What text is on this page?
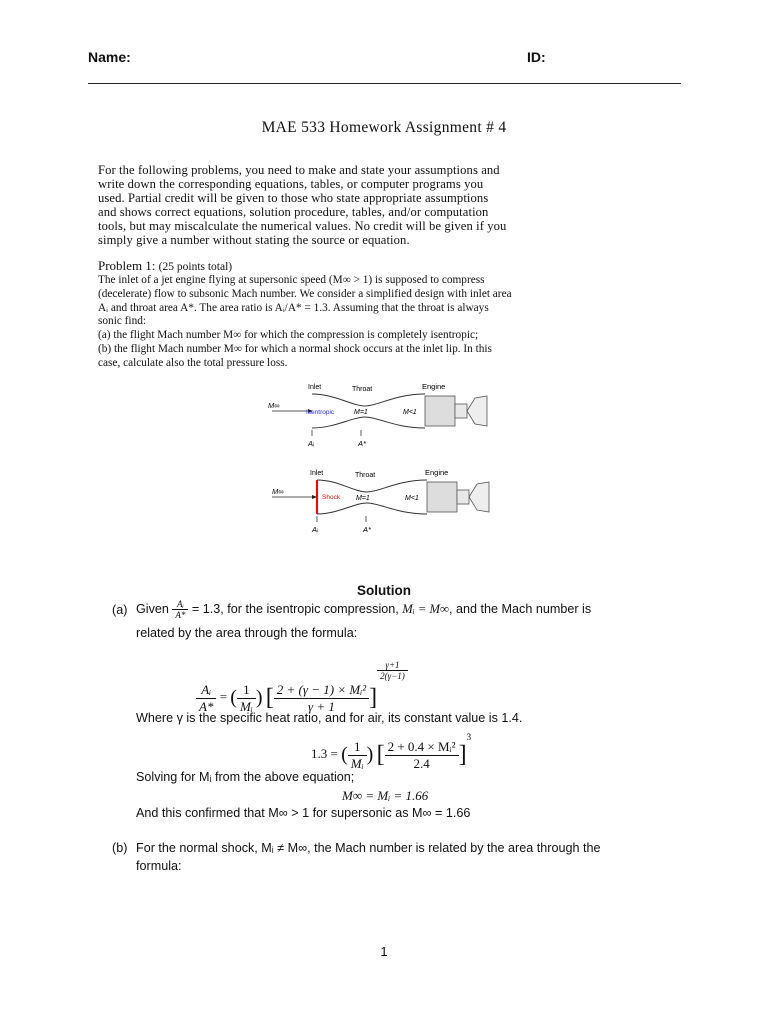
Name:	ID:
MAE 533 Homework Assignment # 4
For the following problems, you need to make and state your assumptions and
write down the corresponding equations, tables, or computer programs you
used. Partial credit will be given to those who state appropriate assumptions
and shows correct equations, solution procedure, tables, and/or computation
tools, but may miscalculate the numerical values. No credit will be given if you
simply give a number without stating the source or equation.
Problem 1: (25 points total)
The inlet of a jet engine flying at supersonic speed (M∞ > 1) is supposed to compress
(decelerate) flow to subsonic Mach number. We consider a simplified design with inlet area
Aᵢ and throat area A*. The area ratio is Aᵢ/A* = 1.3. Assuming that the throat is always
sonic find:
(a) the flight Mach number M∞ for which the compression is completely isentropic;
(b) the flight Mach number M∞ for which a normal shock occurs at the inlet lip. In this
case, calculate also the total pressure loss.
Inlet	Throat	Engine
M∞
Isentropic	M=1	M<1
Aᵢ	A*
Inlet	Throat	Engine
M∞
Shock M=1	M<1
Aᵢ	A*
Solution
(a) Given $\frac{\text{Aᵢ}}{A*} = 1.3$, for the isentropic compression, Mᵢ = M∞, and the Mach number is
related by the area through the formula:
$\frac{\text{Aᵢ}}{A*}$ = ( $\frac{1}{\text{Mᵢ}}$ ) [ $\frac{\text{2 + (γ − 1) × Mᵢ²}}{\gamma + 1}$ ]
$\frac{\gamma+1}{2(\gamma-1)}$
Where γ is the specific heat ratio, and for air, its constant value is 1.4.
1.3 = ( $\frac{1}{\text{Mᵢ}}$ ) [ $\frac{\text{2 + 0.4 × Mᵢ²}}{2.4} ]^3$
Solving for Mᵢ from the above equation;
M∞ = Mᵢ = 1.66
And this confirmed that M∞ > 1 for supersonic as M∞ = 1.66
(b) For the normal shock, Mᵢ ≠ M∞, the Mach number is related by the area through the
formula:
1
